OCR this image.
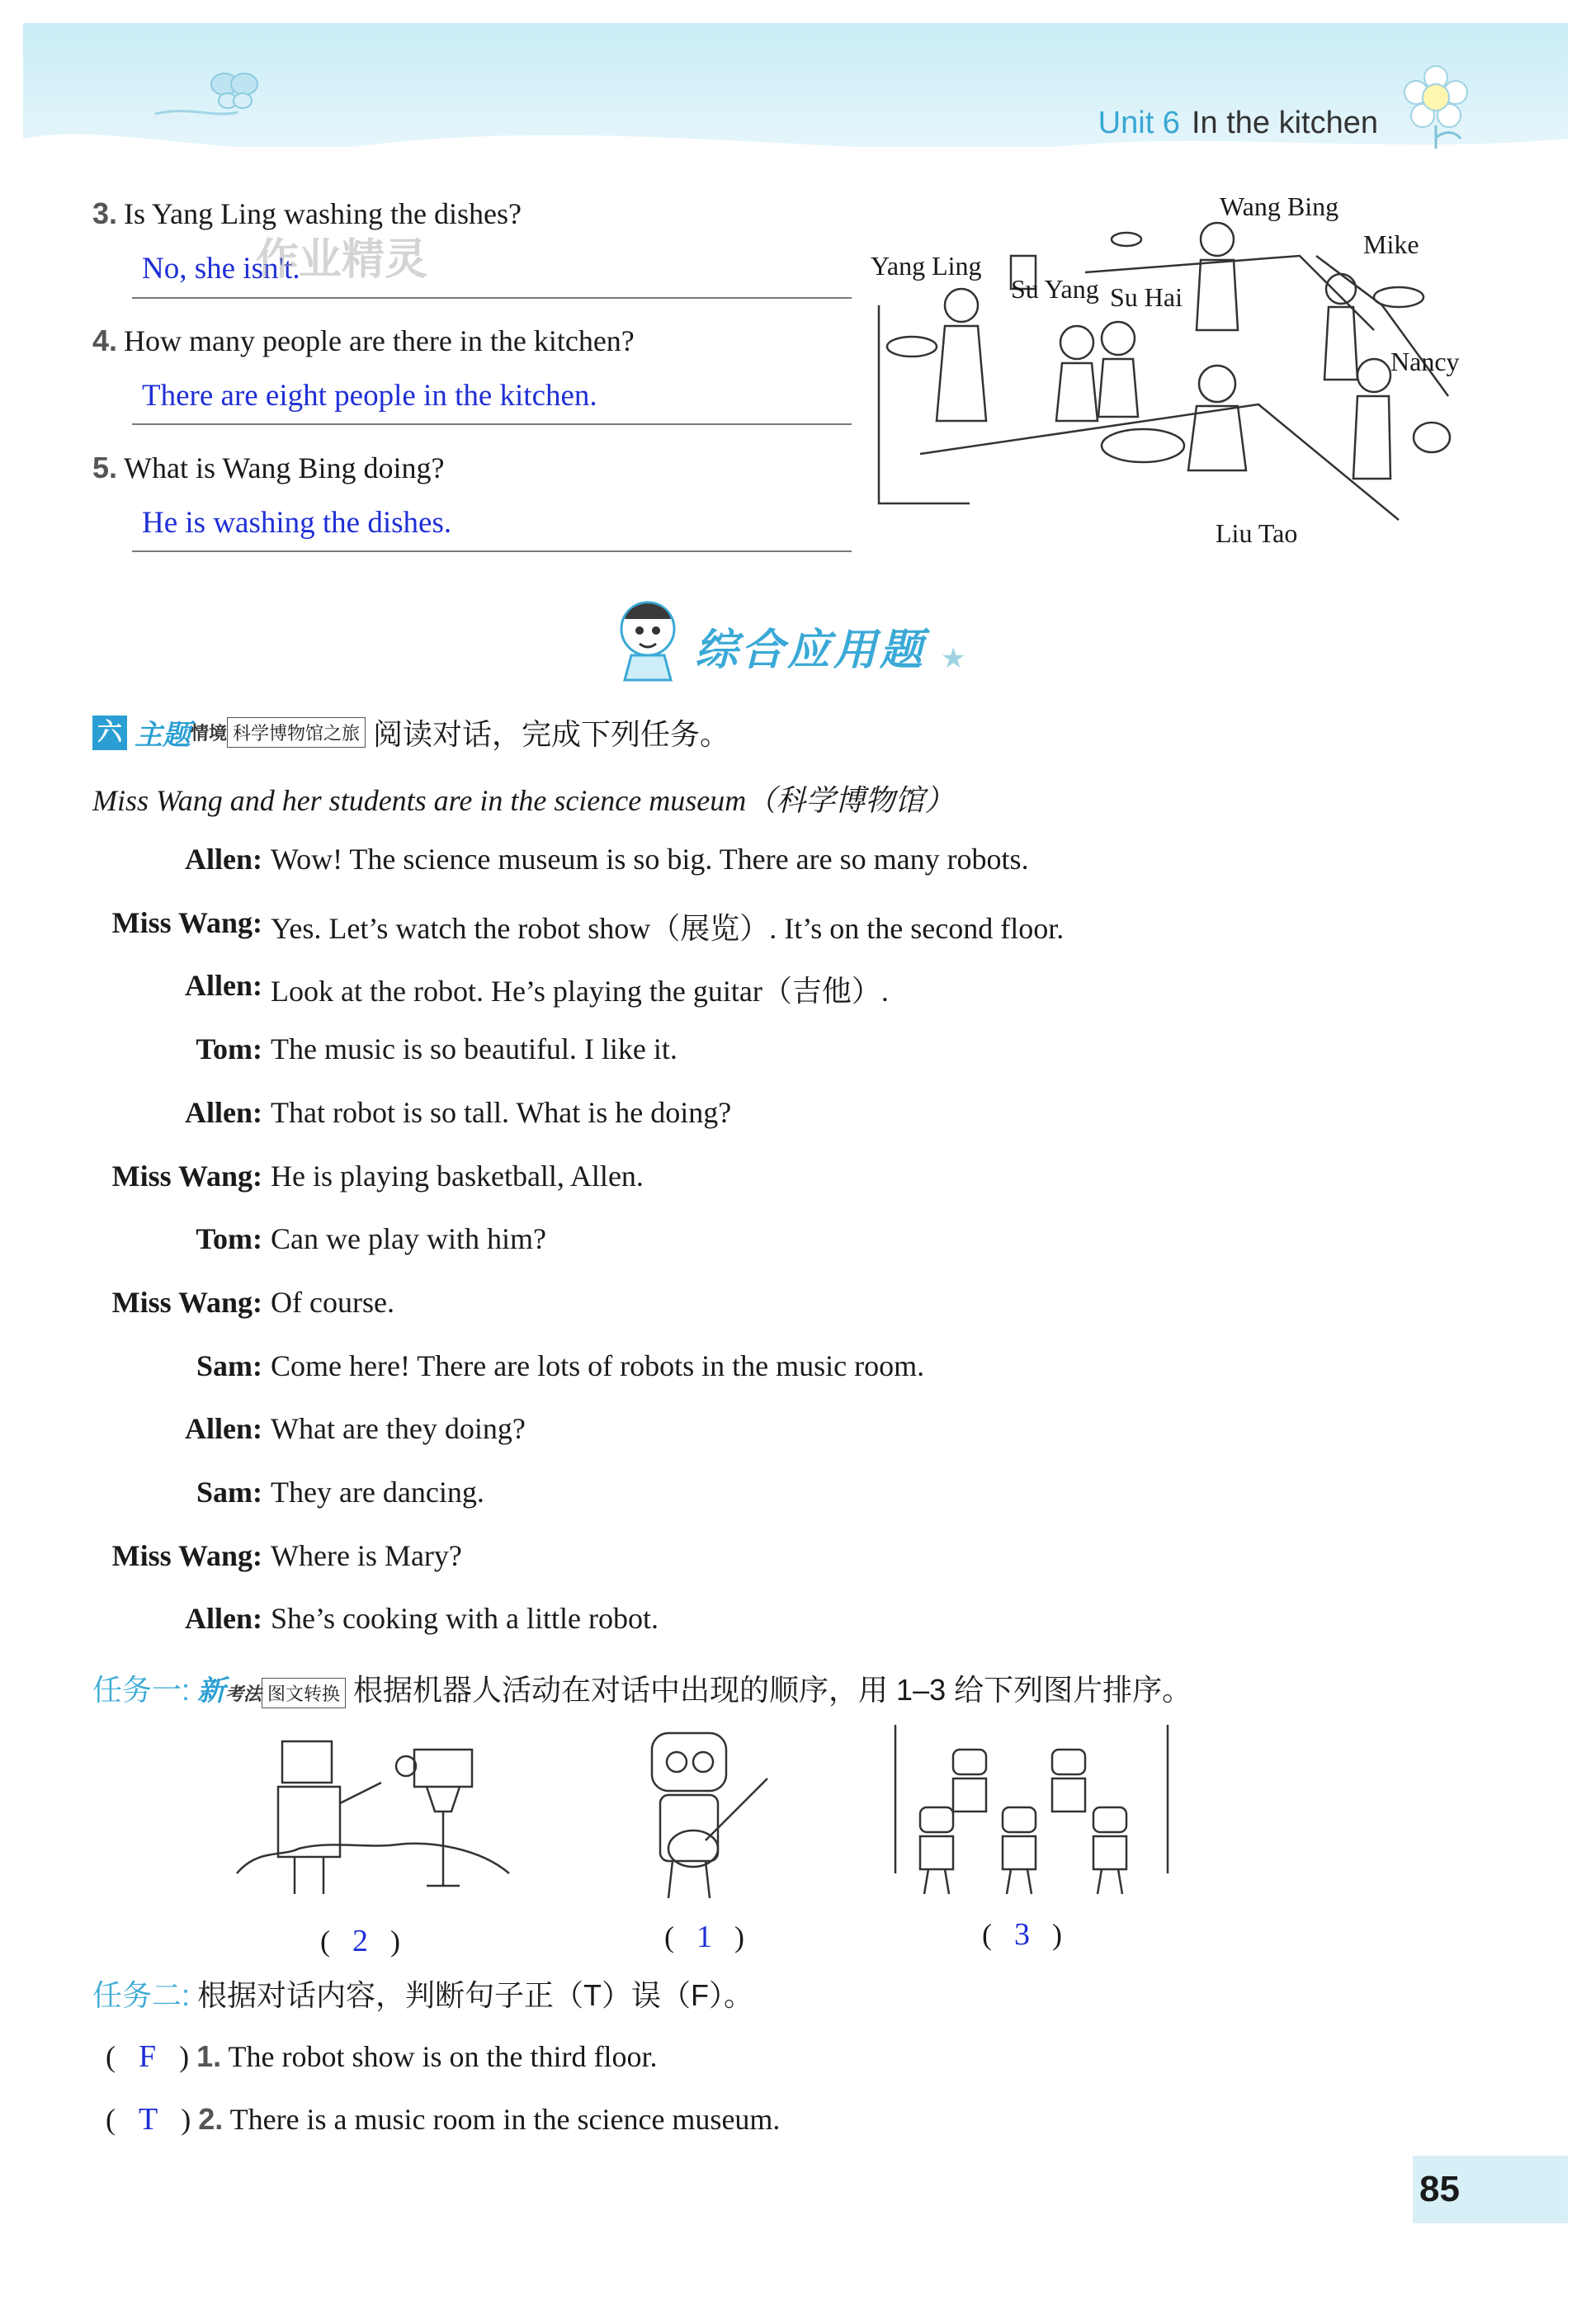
Unit 6 In the kitchen
3. Is Yang Ling washing the dishes?
No, she isn't.
4. How many people are there in the kitchen?
There are eight people in the kitchen.
5. What is Wang Bing doing?
He is washing the dishes.
作业精灵
Wang Bing
Mike
Yang Ling
Su Yang Su Hai
Nancy
Liu Tao
综合应用题 ★
六 主题情境 科学博物馆之旅 阅读对话，完成下列任务。
Miss Wang and her students are in the science museum（科学博物馆）
Allen: Wow! The science museum is so big. There are so many robots.
Miss Wang: Yes. Let’s watch the robot show（展览）. It’s on the second floor.
Allen: Look at the robot. He’s playing the guitar（吉他）.
Tom: The music is so beautiful. I like it.
Allen: That robot is so tall. What is he doing?
Miss Wang: He is playing basketball, Allen.
Tom: Can we play with him?
Miss Wang: Of course.
Sam: Come here! There are lots of robots in the music room.
Allen: What are they doing?
Sam: They are dancing.
Miss Wang: Where is Mary?
Allen: She’s cooking with a little robot.
任务一: 新考法 图文转换 根据机器人活动在对话中出现的顺序，用 1–3 给下列图片排序。
( 2 )	( 1 )	( 3 )
任务二: 根据对话内容，判断句子正（T）误（F）。
( F ) 1. The robot show is on the third floor.
( T ) 2. There is a music room in the science museum.
85
